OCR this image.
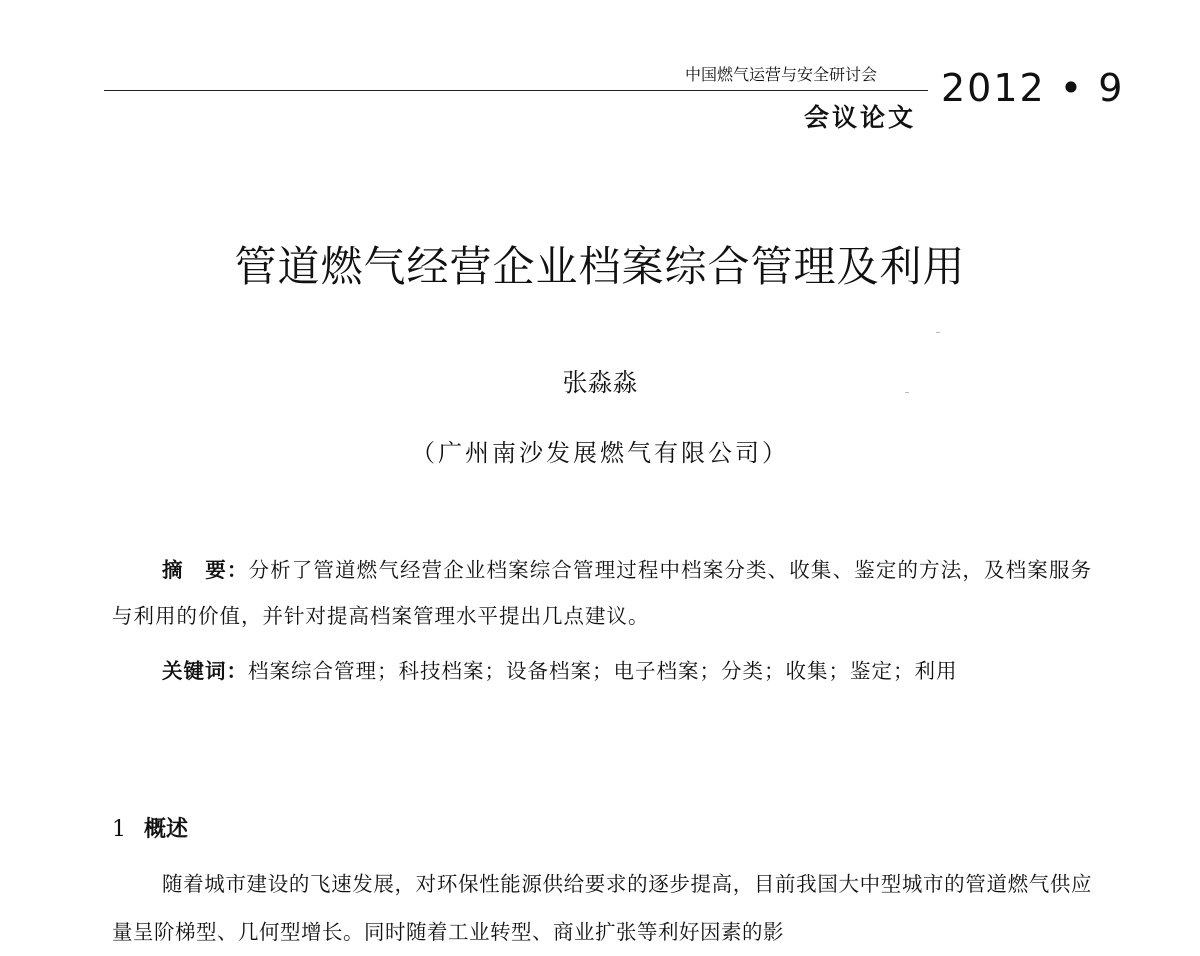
中国燃气运营与安全研讨会
会议论文
2012 • 9
管道燃气经营企业档案综合管理及利用
张淼淼
（广州南沙发展燃气有限公司）
摘　要：分析了管道燃气经营企业档案综合管理过程中档案分类、收集、鉴定的方法，及档案服务与利用的价值，并针对提高档案管理水平提出几点建议。
关键词：档案综合管理；科技档案；设备档案；电子档案；分类；收集；鉴定；利用
1 概述
随着城市建设的飞速发展，对环保性能源供给要求的逐步提高，目前我国大中型城市的管道燃气供应量呈阶梯型、几何型增长。同时随着工业转型、商业扩张等利好因素的影
